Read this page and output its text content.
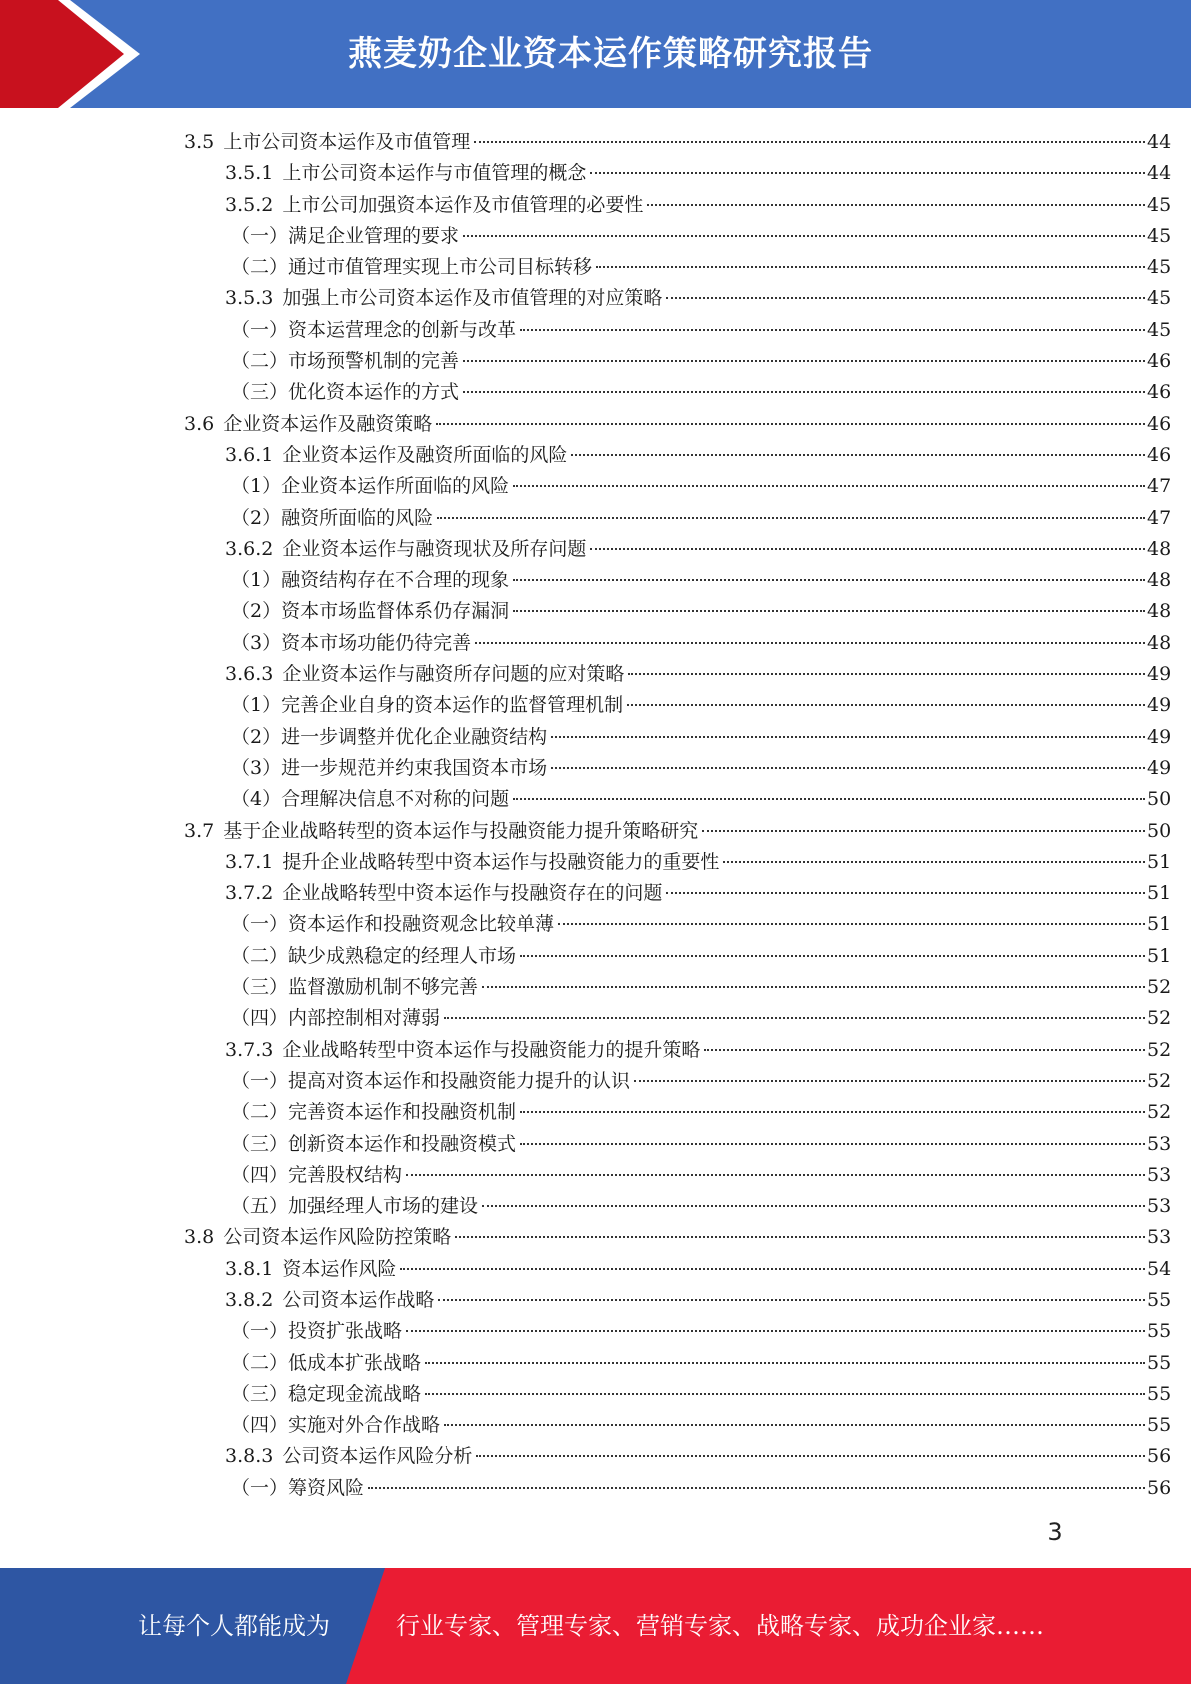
燕麦奶企业资本运作策略研究报告
3.5 上市公司资本运作及市值管理	44
3.5.1 上市公司资本运作与市值管理的概念	44
3.5.2 上市公司加强资本运作及市值管理的必要性	45
（一）满足企业管理的要求	45
（二）通过市值管理实现上市公司目标转移	45
3.5.3 加强上市公司资本运作及市值管理的对应策略	45
（一）资本运营理念的创新与改革	45
（二）市场预警机制的完善	46
（三）优化资本运作的方式	46
3.6 企业资本运作及融资策略	46
3.6.1 企业资本运作及融资所面临的风险	46
（1）企业资本运作所面临的风险	47
（2）融资所面临的风险	47
3.6.2 企业资本运作与融资现状及所存问题	48
（1）融资结构存在不合理的现象	48
（2）资本市场监督体系仍存漏洞	48
（3）资本市场功能仍待完善	48
3.6.3 企业资本运作与融资所存问题的应对策略	49
（1）完善企业自身的资本运作的监督管理机制	49
（2）进一步调整并优化企业融资结构	49
（3）进一步规范并约束我国资本市场	49
（4）合理解决信息不对称的问题	50
3.7 基于企业战略转型的资本运作与投融资能力提升策略研究	50
3.7.1 提升企业战略转型中资本运作与投融资能力的重要性	51
3.7.2 企业战略转型中资本运作与投融资存在的问题	51
（一）资本运作和投融资观念比较单薄	51
（二）缺少成熟稳定的经理人市场	51
（三）监督激励机制不够完善	52
（四）内部控制相对薄弱	52
3.7.3 企业战略转型中资本运作与投融资能力的提升策略	52
（一）提高对资本运作和投融资能力提升的认识	52
（二）完善资本运作和投融资机制	52
（三）创新资本运作和投融资模式	53
（四）完善股权结构	53
（五）加强经理人市场的建设	53
3.8 公司资本运作风险防控策略	53
3.8.1 资本运作风险	54
3.8.2 公司资本运作战略	55
（一）投资扩张战略	55
（二）低成本扩张战略	55
（三）稳定现金流战略	55
（四）实施对外合作战略	55
3.8.3 公司资本运作风险分析	56
（一）筹资风险	56
3
让每个人都能成为	行业专家、管理专家、营销专家、战略专家、成功企业家……
